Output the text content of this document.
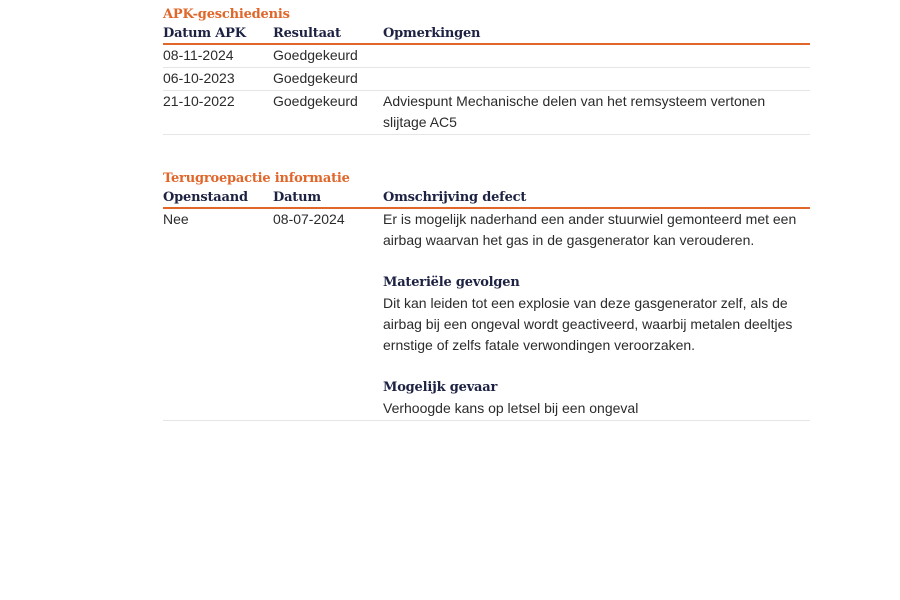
APK-geschiedenis
Datum APK	Resultaat	Opmerkingen
08-11-2024	Goedgekeurd
06-10-2023	Goedgekeurd
21-10-2022	Goedgekeurd	Adviespunt Mechanische delen van het remsysteem vertonen slijtage AC5
Terugroepactie informatie
Openstaand	Datum	Omschrijving defect
Nee	08-07-2024	Er is mogelijk naderhand een ander stuurwiel gemonteerd met een airbag waarvan het gas in de gasgenerator kan verouderen.
Materiële gevolgen
Dit kan leiden tot een explosie van deze gasgenerator zelf, als de airbag bij een ongeval wordt geactiveerd, waarbij metalen deeltjes ernstige of zelfs fatale verwondingen veroorzaken.
Mogelijk gevaar
Verhoogde kans op letsel bij een ongeval
